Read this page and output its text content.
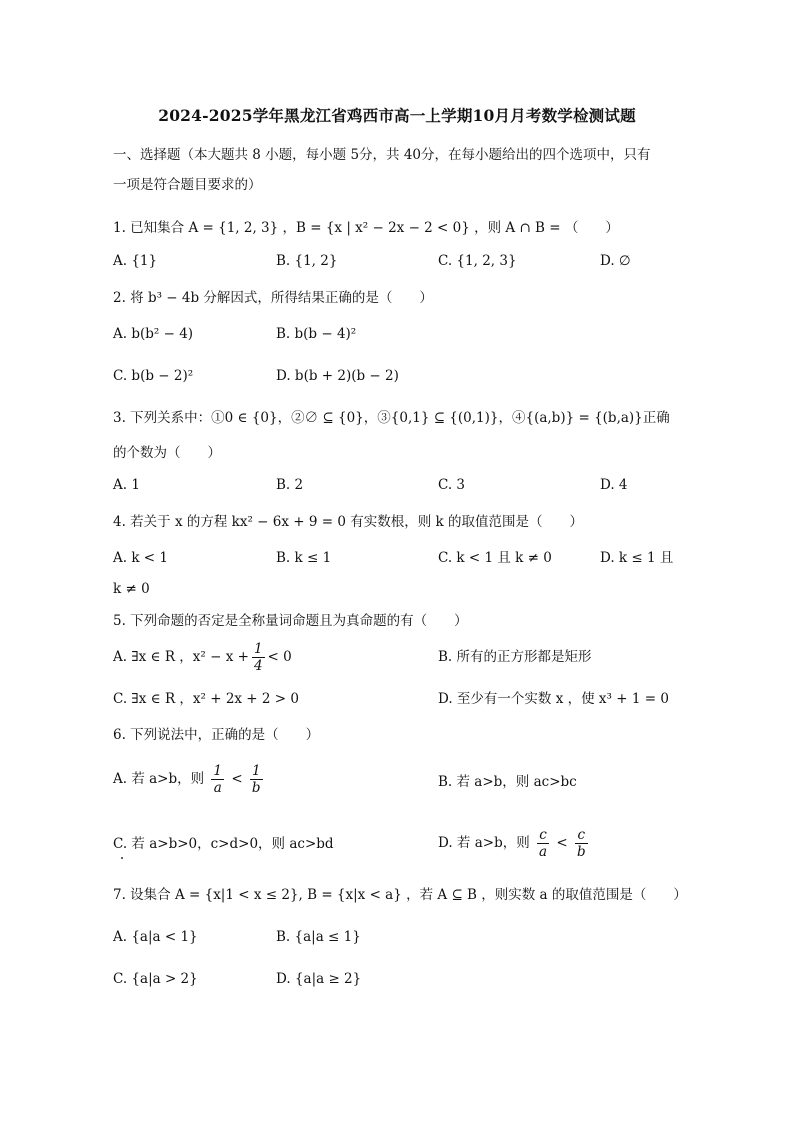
2024-2025学年黑龙江省鸡西市高一上学期10月月考数学检测试题
一、选择题（本大题共 8 小题，每小题 5分，共 40分，在每小题给出的四个选项中，只有
一项是符合题目要求的）
1. 已知集合 A = {1, 2, 3} ，B = {x | x² − 2x − 2 < 0} ，则 A ∩ B = （　　）
A. {1}	B. {1, 2}	C. {1, 2, 3}	D. ∅
2. 将 b³ − 4b 分解因式，所得结果正确的是（　　）
A. b(b² − 4)	B. b(b − 4)²
C. b(b − 2)²	D. b(b + 2)(b − 2)
3. 下列关系中：①0 ∈ {0}，②∅ ⊆ {0}，③{0,1} ⊆ {(0,1)}，④{(a,b)} = {(b,a)}正确
的个数为（　　）
A. 1	B. 2	C. 3	D. 4
4. 若关于 x 的方程 kx² − 6x + 9 = 0 有实数根，则 k 的取值范围是（　　）
A. k < 1	B. k ≤ 1	C. k < 1 且 k ≠ 0	D. k ≤ 1 且
k ≠ 0
5. 下列命题的否定是全称量词命题且为真命题的有（　　）
A. ∃x ∈ R ，$x^2 - x + \frac{1}{4} < 0$	B. 所有的正方形都是矩形
C. ∃x ∈ R ，x² + 2x + 2 > 0	D. 至少有一个实数 x ，使 x³ + 1 = 0
6. 下列说法中，正确的是（　　）
A. 若 a>b，则 $\frac{1}{a} < \frac{1}{b}$	B. 若 a>b，则 ac>bc
C. 若 a>b>0，c>d>0，则 ac>bd	D. 若 a>b，则 $\frac{c}{a} < \frac{c}{b}$
7. 设集合 A = {x|1 < x ≤ 2}, B = {x|x < a} ，若 A ⊆ B ，则实数 a 的取值范围是（　　）
A. {a|a < 1}	B. {a|a ≤ 1}
C. {a|a > 2}	D. {a|a ≥ 2}
